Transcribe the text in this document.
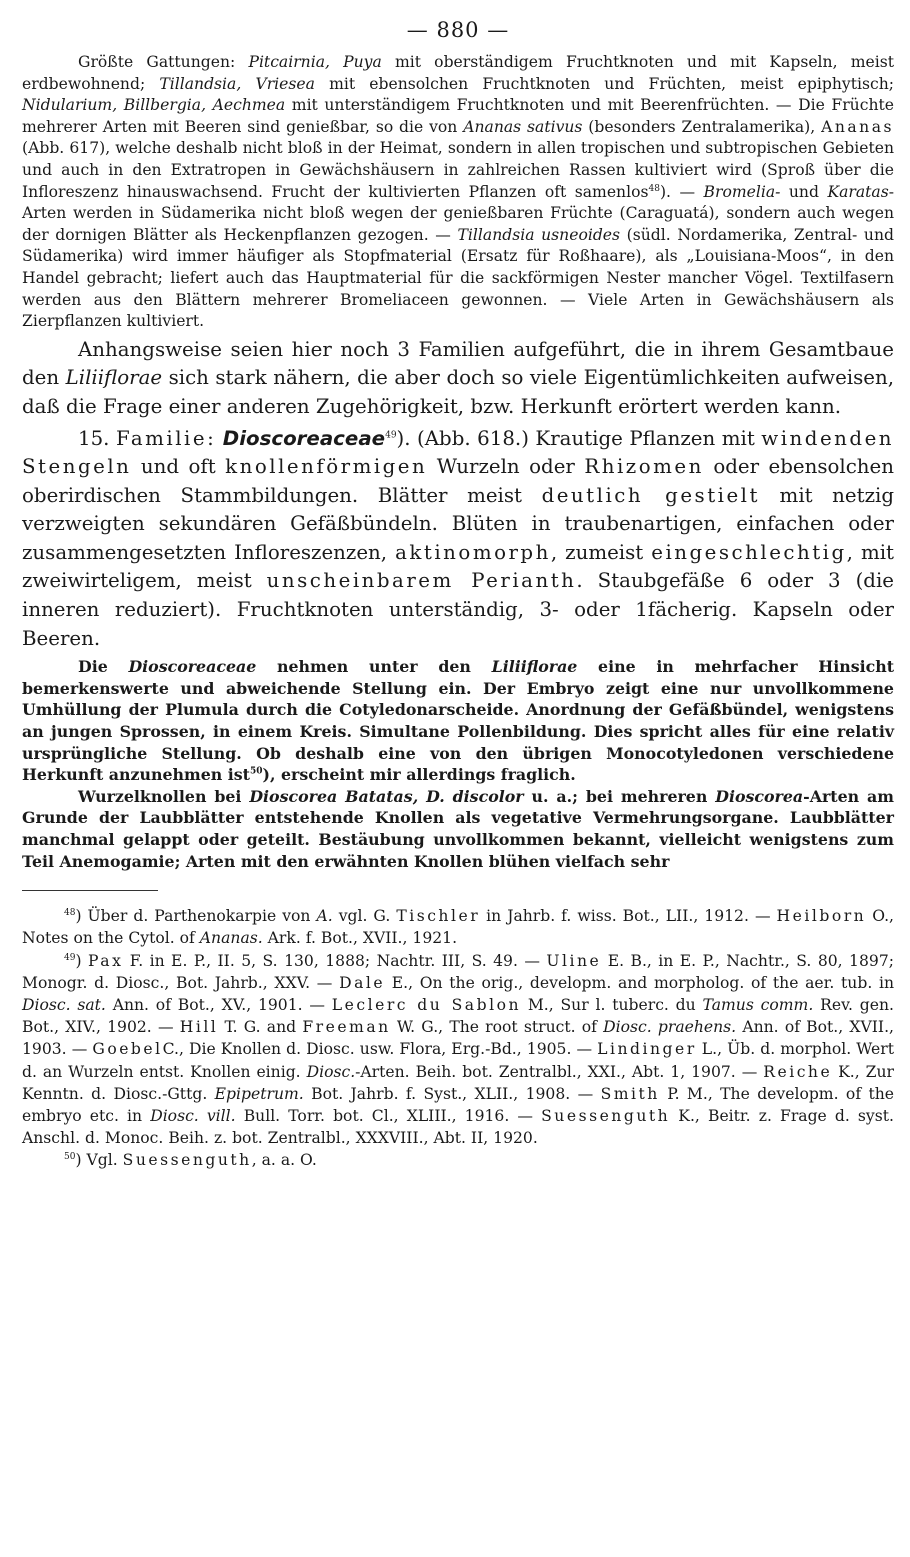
— 880 —

Größte Gattungen: Pitcairnia, Puya mit oberständigem Fruchtknoten und mit Kapseln, meist erdbewohnend; Tillandsia, Vriesea mit ebensolchen Fruchtknoten und Früchten, meist epiphytisch; Nidularium, Billbergia, Aechmea mit unterständigem Fruchtknoten und mit Beerenfrüchten. — Die Früchte mehrerer Arten mit Beeren sind genießbar, so die von Ananas sativus (besonders Zentralamerika), Ananas (Abb. 617), welche deshalb nicht bloß in der Heimat, sondern in allen tropischen und subtropischen Gebieten und auch in den Extratropen in Gewächshäusern in zahlreichen Rassen kultiviert wird (Sproß über die Infloreszenz hinauswachsend. Frucht der kultivierten Pflanzen oft samenlos$^{48}$). — Bromelia- und Karatas-Arten werden in Südamerika nicht bloß wegen der genießbaren Früchte (Caraguatá), sondern auch wegen der dornigen Blätter als Heckenpflanzen gezogen. — Tillandsia usneoides (südl. Nordamerika, Zentral- und Südamerika) wird immer häufiger als Stopfmaterial (Ersatz für Roßhaare), als „Louisiana-Moos“, in den Handel gebracht; liefert auch das Hauptmaterial für die sackförmigen Nester mancher Vögel. Textilfasern werden aus den Blättern mehrerer Bromeliaceen gewonnen. — Viele Arten in Gewächshäusern als Zierpflanzen kultiviert.

Anhangsweise seien hier noch 3 Familien aufgeführt, die in ihrem Gesamtbaue den Liliiflorae sich stark nähern, die aber doch so viele Eigentümlichkeiten aufweisen, daß die Frage einer anderen Zugehörigkeit, bzw. Herkunft erörtert werden kann.

15. Familie: Dioscoreaceae$^{49}$). (Abb. 618.) Krautige Pflanzen mit windenden Stengeln und oft knollenförmigen Wurzeln oder Rhizomen oder ebensolchen oberirdischen Stammbildungen. Blätter meist deutlich gestielt mit netzig verzweigten sekundären Gefäßbündeln. Blüten in traubenartigen, einfachen oder zusammengesetzten Infloreszenzen, aktinomorph, zumeist eingeschlechtig, mit zweiwirteligem, meist unscheinbarem Perianth. Staubgefäße 6 oder 3 (die inneren reduziert). Fruchtknoten unterständig, 3- oder 1fächerig. Kapseln oder Beeren.

Die Dioscoreaceae nehmen unter den Liliiflorae eine in mehrfacher Hinsicht bemerkenswerte und abweichende Stellung ein. Der Embryo zeigt eine nur unvollkommene Umhüllung der Plumula durch die Cotyledonarscheide. Anordnung der Gefäßbündel, wenigstens an jungen Sprossen, in einem Kreis. Simultane Pollenbildung. Dies spricht alles für eine relativ ursprüngliche Stellung. Ob deshalb eine von den übrigen Monocotyledonen verschiedene Herkunft anzunehmen ist$^{50}$), erscheint mir allerdings fraglich.

Wurzelknollen bei Dioscorea Batatas, D. discolor u. a.; bei mehreren Dioscorea-Arten am Grunde der Laubblätter entstehende Knollen als vegetative Vermehrungsorgane. Laubblätter manchmal gelappt oder geteilt. Bestäubung unvollkommen bekannt, vielleicht wenigstens zum Teil Anemogamie; Arten mit den erwähnten Knollen blühen vielfach sehr

$^{48}$) Über d. Parthenokarpie von A. vgl. G. Tischler in Jahrb. f. wiss. Bot., LII., 1912. — Heilborn O., Notes on the Cytol. of Ananas. Ark. f. Bot., XVII., 1921.

$^{49}$) Pax F. in E. P., II. 5, S. 130, 1888; Nachtr. III, S. 49. — Uline E. B., in E. P., Nachtr., S. 80, 1897; Monogr. d. Diosc., Bot. Jahrb., XXV. — Dale E., On the orig., developm. and morpholog. of the aer. tub. in Diosc. sat. Ann. of Bot., XV., 1901. — Leclerc du Sablon M., Sur l. tuberc. du Tamus comm. Rev. gen. Bot., XIV., 1902. — Hill T. G. and Freeman W. G., The root struct. of Diosc. praehens. Ann. of Bot., XVII., 1903. — GoebelC., Die Knollen d. Diosc. usw. Flora, Erg.-Bd., 1905. — Lindinger L., Üb. d. morphol. Wert d. an Wurzeln entst. Knollen einig. Diosc.-Arten. Beih. bot. Zentralbl., XXI., Abt. 1, 1907. — Reiche K., Zur Kenntn. d. Diosc.-Gttg. Epipetrum. Bot. Jahrb. f. Syst., XLII., 1908. — Smith P. M., The developm. of the embryo etc. in Diosc. vill. Bull. Torr. bot. Cl., XLIII., 1916. — Suessenguth K., Beitr. z. Frage d. syst. Anschl. d. Monoc. Beih. z. bot. Zentralbl., XXXVIII., Abt. II, 1920.

$^{50}$) Vgl. Suessenguth, a. a. O.
